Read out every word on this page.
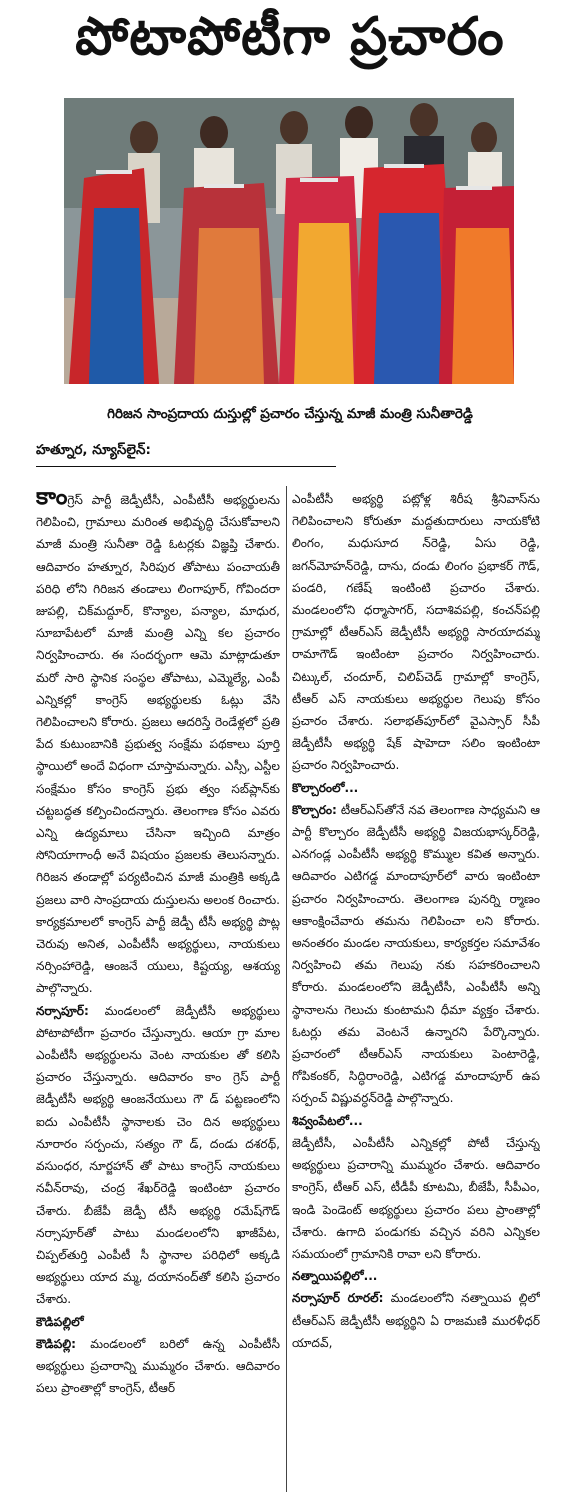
పోటాపోటీగా ప్రచారం
గిరిజన సాంప్రదాయ దుస్తుల్లో ప్రచారం చేస్తున్న మాజీ మంత్రి సునీతారెడ్డి
హత్నూర, న్యూస్‌లైన్‌:

కాంగ్రెస్‌ పార్టీ జెడ్పీటీసీ, ఎంపీటీసీ అభ్యర్థులను గెలిపించి, గ్రామాలు మరింత అభివృద్ధి చేసుకోవాలని మాజీ మంత్రి సునీతా రెడ్డి ఓటర్లకు విజ్ఞప్తి చేశారు. ఆదివారం హత్నూర, సిరిపుర తోపాటు పంచాయతీ పరిధి లోని గిరిజన తండాలు లింగాపూర్‌, గోవిందరా జుపల్లి, చిక్‌మద్దూర్‌, కొన్యాల, పన్యాల, మాధుర, సూబాపేటలో మాజీ మంత్రి ఎన్ని కల ప్రచారం నిర్వహించారు. ఈ సందర్భంగా ఆమె మాట్లాడుతూ మరో సారి స్థానిక సంస్థల తోపాటు, ఎమ్మెల్యే, ఎంపీ ఎన్నికల్లో కాంగ్రెస్‌ అభ్యర్థులకు ఓట్లు వేసి గెలిపించాలని కోరారు. ప్రజలు ఆదరిస్తే రెండేళ్లలో ప్రతి పేద కుటుంబానికి ప్రభుత్వ సంక్షేమ పథకాలు పూర్తి స్థాయిలో అందే విధంగా చూస్తామన్నారు. ఎస్సీ, ఎస్టీల సంక్షేమం కోసం కాంగ్రెస్‌ ప్రభు త్వం సబ్‌ప్లాన్‌కు చట్టబద్ధత కల్పించిందన్నారు. తెలంగాణ కోసం ఎవరు ఎన్ని ఉద్యమాలు చేసినా ఇచ్చింది మాత్రం సోనియాగాంధీ అనే విషయం ప్రజలకు తెలుసన్నారు. గిరిజన తండాల్లో పర్యటించిన మాజీ మంత్రికి అక్కడి ప్రజలు వారి సాంప్రదాయ దుస్తులను అలంక రించారు. కార్యక్రమాలలో కాంగ్రెస్‌ పార్టీ జెడ్పీ టీసీ అభ్యర్థి పొట్ల చెరువు అనిత, ఎంపీటీసీ అభ్యర్థులు, నాయకులు నర్సింహారెడ్డి, ఆంజనే యులు, కిష్టయ్య, ఆశయ్య పాల్గొన్నారు.

నర్సాపూర్‌: మండలంలో జెడ్పీటీసీ అభ్యర్థులు పోటాపోటీగా ప్రచారం చేస్తున్నారు. ఆయా గ్రా మాల ఎంపీటీసీ అభ్యర్థులను వెంట నాయకుల తో కలిసి ప్రచారం చేస్తున్నారు. ఆదివారం కాం గ్రెస్‌ పార్టీ జెడ్పీటీసీ అభ్యర్థి ఆంజనేయులు గౌ డ్‌ పట్టణంలోని ఐదు ఎంపీటీసీ స్థానాలకు చెం దిన అభ్యర్థులు నూరారం సర్పంచు, సత్యం గౌ డ్‌, దండు దశరథ్‌, వసుంధర, నూర్జహాన్‌ తో పాటు కాంగ్రెస్‌ నాయకులు నవీన్‌రావు, చంద్ర శేఖర్‌రెడ్డి ఇంటింటా ప్రచారం చేశారు. బీజేపీ జెడ్పీ టీసీ అభ్యర్థి రమేష్‌గౌడ్‌ నర్సాపూర్‌తో పాటు మండలంలోని ఖాజీపేట, చిప్పల్‌తుర్తి ఎంపీటీ సీ స్థానాల పరిధిలో అక్కడి అభ్యర్థులు యాద మ్మ, దయానంద్‌తో కలిసి ప్రచారం చేశారు.

కౌడిపల్లిలో

కౌడిపల్లి: మండలంలో బరిలో ఉన్న ఎంపీటీసీ అభ్యర్థులు ప్రచారాన్ని ముమ్మరం చేశారు. ఆదివారం పలు ప్రాంతాల్లో కాంగ్రెస్‌, టీఆర్‌

ఎంపీటీసీ అభ్యర్థి పట్లోళ్ల శిరీష శ్రీనివాస్‌ను గెలిపించాలని కోరుతూ మద్దతుదారులు నాయకోటి లింగం, మధుసూద న్‌రెడ్డి, ఏసు రెడ్డి, జగన్‌మోహన్‌రెడ్డి, దాను, దండు లింగం ప్రభాకర్‌ గౌడ్‌, పండరి, గణేష్‌ ఇంటింటి ప్రచారం చేశారు. మండలంలోని ధర్మాసాగర్‌, సదాశివపల్లి, కంచన్‌పల్లి గ్రామాల్లో టీఆర్‌ఎస్‌ జెడ్పీటీసీ అభ్యర్థి సారయాదమ్మ రామాగౌడ్‌ ఇంటింటా ప్రచారం నిర్వహించారు. చిట్కుల్‌, చందూర్‌, చిలిప్‌చెడ్‌ గ్రామాల్లో కాంగ్రెస్‌, టీఆర్‌ ఎస్‌ నాయకులు అభ్యర్థుల గెలుపు కోసం ప్రచారం చేశారు. సలాభత్‌పూర్‌లో వైఎస్సార్‌ సీపీ జెడ్పీటీసీ అభ్యర్థి షేక్‌ షాహెదా సలిం ఇంటింటా ప్రచారం నిర్వహించారు.

కొల్చారంలో...

కొల్చారం: టీఆర్‌ఎస్‌తోనే నవ తెలంగాణ సాధ్యమని ఆ పార్టీ కొల్చారం జెడ్పీటీసీ అభ్యర్థి విజయభాస్కర్‌రెడ్డి, ఎనగండ్ల ఎంపీటీసీ అభ్యర్థి కొమ్ముల కవిత అన్నారు. ఆదివారం ఎటిగడ్డ మాందాపూర్‌లో వారు ఇంటింటా ప్రచారం నిర్వహించారు. తెలంగాణ పునర్ని ర్మాణం ఆకాంక్షించేవారు తమను గెలిపించా లని కోరారు. అనంతరం మండల నాయకులు, కార్యకర్తల సమావేశం నిర్వహించి తమ గెలుపు నకు సహకరించాలని కోరారు. మండలంలోని జెడ్పీటీసీ, ఎంపీటీసీ అన్ని స్థానాలను గెలుచు కుంటామని ధీమా వ్యక్తం చేశారు. ఓటర్లు తమ వెంటనే ఉన్నారని పేర్కొన్నారు. ప్రచారంలో టీఆర్‌ఎస్‌ నాయకులు పెంటారెడ్డి, గోపికంకర్‌, సిద్ధిరాంరెడ్డి, ఎటిగడ్డ మాందాపూర్‌ ఉప సర్పంచ్‌ విష్ణువర్ధన్‌రెడ్డి పాల్గొన్నారు.

శివ్వంపేట‌లో...

జెడ్పీటీసీ, ఎంపీటీసీ ఎన్నికల్లో పోటీ చేస్తున్న అభ్యర్థులు ప్రచారాన్ని ముమ్మరం చేశారు. ఆదివారం కాంగ్రెస్‌, టీఆర్‌ ఎస్‌, టీడీపీ కూటమి, బీజేపీ, సీపీఎం, ఇండి పెండెంట్‌ అభ్యర్థులు ప్రచారం పలు ప్రాంతాల్లో చేశారు. ఉగాది పండుగకు వచ్చిన వరిని ఎన్నికల సమయంలో గ్రామానికి రావా లని కోరారు.

నత్నాయిపల్లిలో...

నర్సాపూర్‌ రూరల్‌: మండలంలోని నత్నాయిప ల్లిలో టీఆర్‌ఎస్‌ జెడ్పీటీసీ అభ్యర్థిని ఏ రాజమణి మురళీధర్‌ యాదవ్‌,
